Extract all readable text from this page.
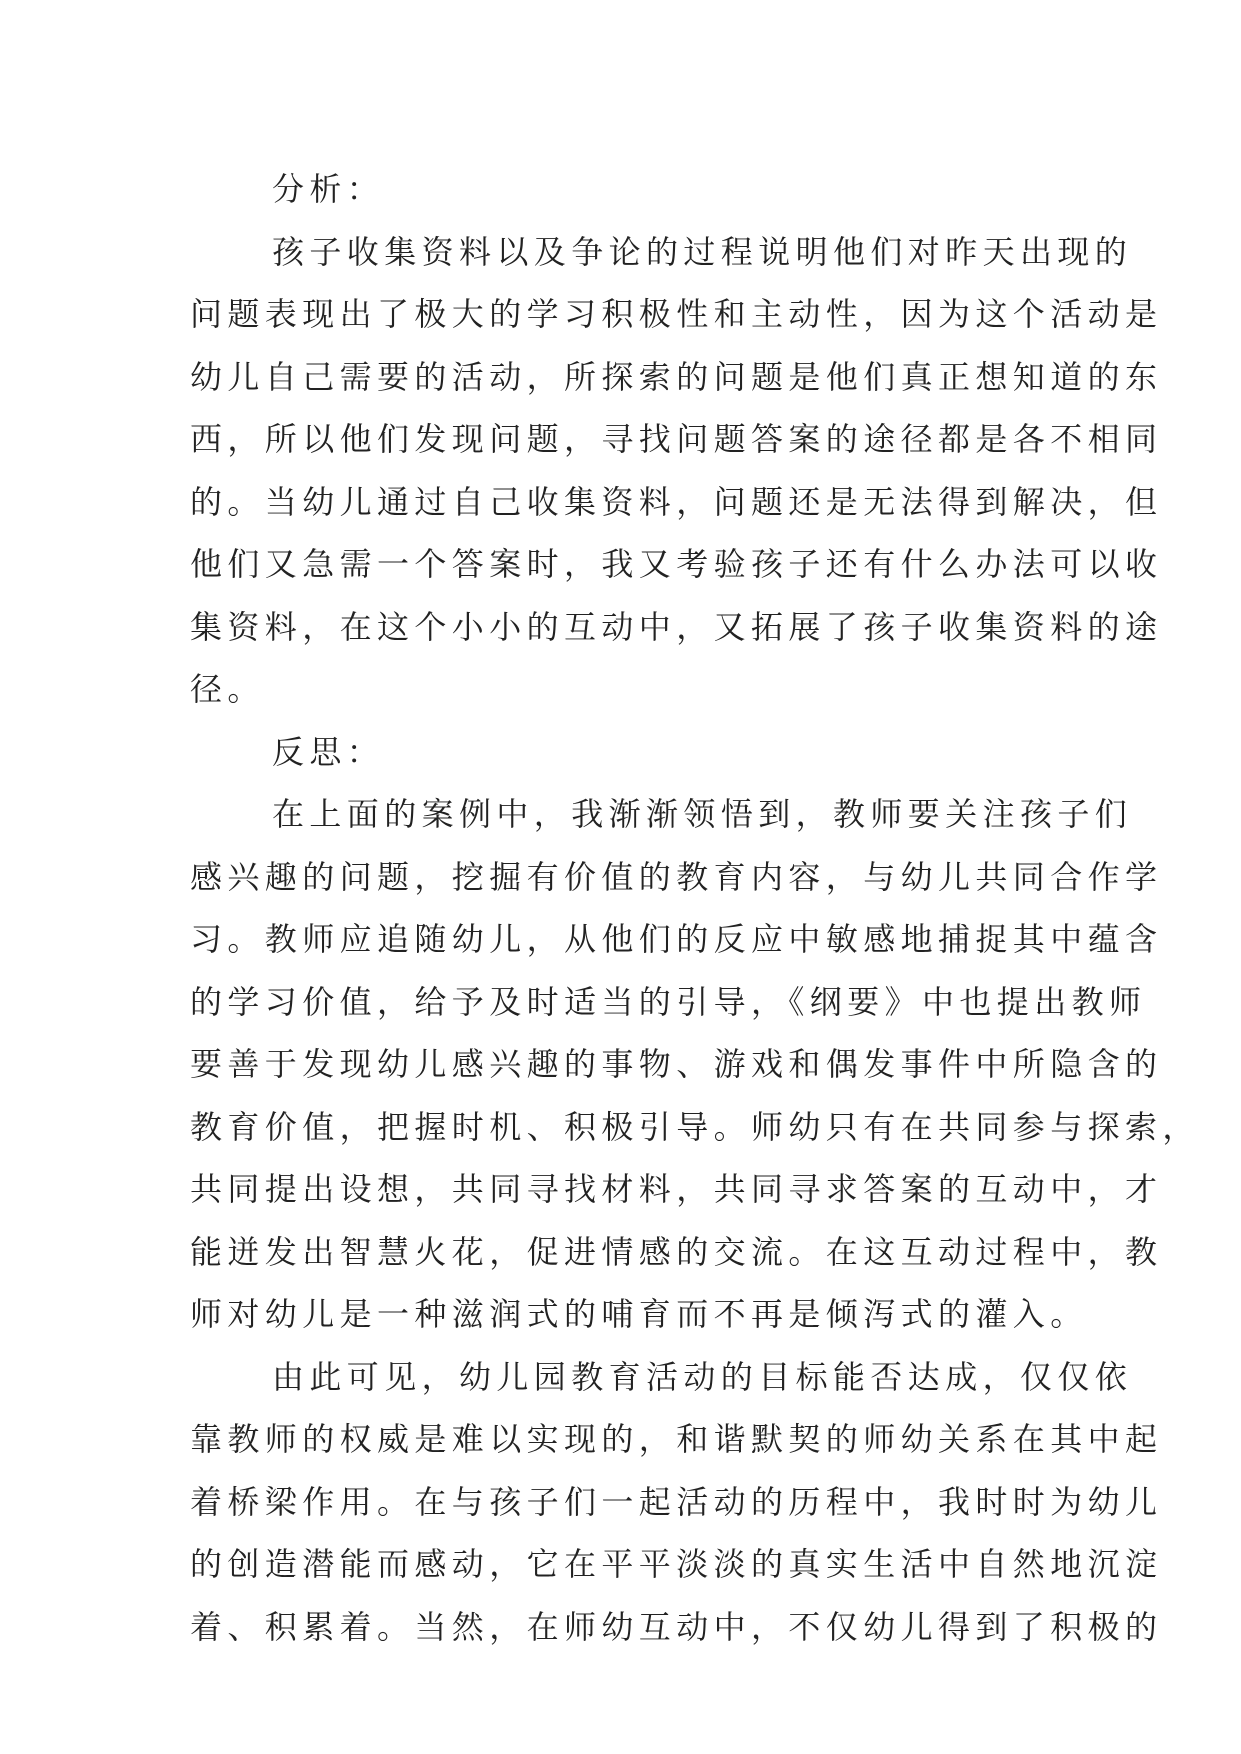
分析：
孩子收集资料以及争论的过程说明他们对昨天出现的
问题表现出了极大的学习积极性和主动性，因为这个活动是
幼儿自己需要的活动，所探索的问题是他们真正想知道的东
西，所以他们发现问题，寻找问题答案的途径都是各不相同
的。当幼儿通过自己收集资料，问题还是无法得到解决，但
他们又急需一个答案时，我又考验孩子还有什么办法可以收
集资料，在这个小小的互动中，又拓展了孩子收集资料的途
径。
反思：
在上面的案例中，我渐渐领悟到，教师要关注孩子们
感兴趣的问题，挖掘有价值的教育内容，与幼儿共同合作学
习。教师应追随幼儿，从他们的反应中敏感地捕捉其中蕴含
的学习价值，给予及时适当的引导，《纲要》中也提出教师
要善于发现幼儿感兴趣的事物、游戏和偶发事件中所隐含的
教育价值，把握时机、积极引导。师幼只有在共同参与探索，
共同提出设想，共同寻找材料，共同寻求答案的互动中，才
能迸发出智慧火花，促进情感的交流。在这互动过程中，教
师对幼儿是一种滋润式的哺育而不再是倾泻式的灌入。
由此可见，幼儿园教育活动的目标能否达成，仅仅依
靠教师的权威是难以实现的，和谐默契的师幼关系在其中起
着桥梁作用。在与孩子们一起活动的历程中，我时时为幼儿
的创造潜能而感动，它在平平淡淡的真实生活中自然地沉淀
着、积累着。当然，在师幼互动中，不仅幼儿得到了积极的
